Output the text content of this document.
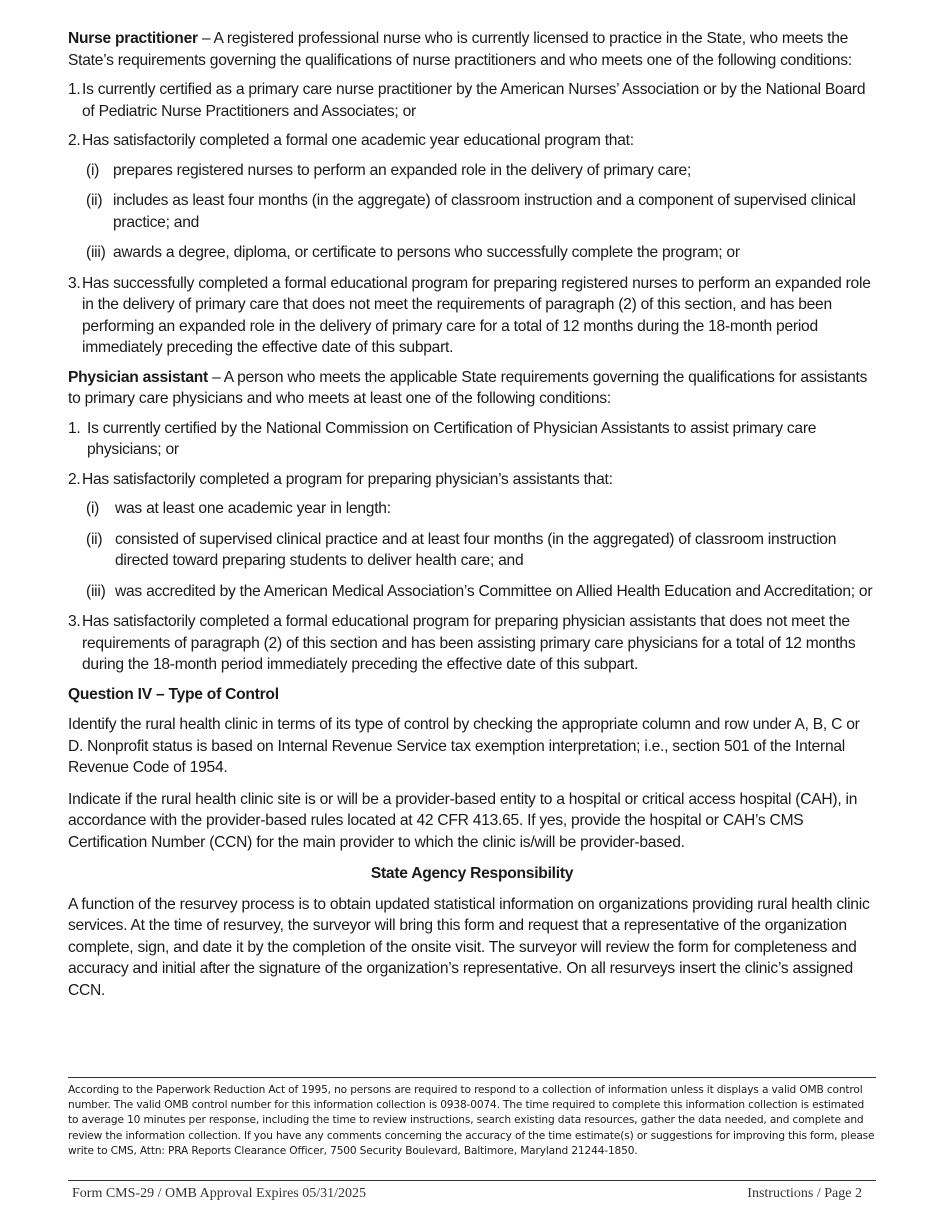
Nurse practitioner – A registered professional nurse who is currently licensed to practice in the State, who meets the State’s requirements governing the qualifications of nurse practitioners and who meets one of the following conditions:

1. Is currently certified as a primary care nurse practitioner by the American Nurses’ Association or by the National Board of Pediatric Nurse Practitioners and Associates; or
2. Has satisfactorily completed a formal one academic year educational program that:
(i) prepares registered nurses to perform an expanded role in the delivery of primary care;
(ii) includes as least four months (in the aggregate) of classroom instruction and a component of supervised clinical practice; and
(iii) awards a degree, diploma, or certificate to persons who successfully complete the program; or
3. Has successfully completed a formal educational program for preparing registered nurses to perform an expanded role in the delivery of primary care that does not meet the requirements of paragraph (2) of this section, and has been performing an expanded role in the delivery of primary care for a total of 12 months during the 18-month period immediately preceding the effective date of this subpart.

Physician assistant – A person who meets the applicable State requirements governing the qualifications for assistants to primary care physicians and who meets at least one of the following conditions:

1. Is currently certified by the National Commission on Certification of Physician Assistants to assist primary care physicians; or
2. Has satisfactorily completed a program for preparing physician’s assistants that:
(i)	was at least one academic year in length:
(ii) consisted of supervised clinical practice and at least four months (in the aggregated) of classroom instruction directed toward preparing students to deliver health care; and
(iii) was accredited by the American Medical Association’s Committee on Allied Health Education and Accreditation; or
3. Has satisfactorily completed a formal educational program for preparing physician assistants that does not meet the requirements of paragraph (2) of this section and has been assisting primary care physicians for a total of 12 months during the 18-month period immediately preceding the effective date of this subpart.

Question IV – Type of Control

Identify the rural health clinic in terms of its type of control by checking the appropriate column and row under A, B, C or D. Nonprofit status is based on Internal Revenue Service tax exemption interpretation; i.e., section 501 of the Internal Revenue Code of 1954.

Indicate if the rural health clinic site is or will be a provider-based entity to a hospital or critical access hospital (CAH), in accordance with the provider-based rules located at 42 CFR 413.65. If yes, provide the hospital or CAH’s CMS Certification Number (CCN) for the main provider to which the clinic is/will be provider-based.

State Agency Responsibility

A function of the resurvey process is to obtain updated statistical information on organizations providing rural health clinic services. At the time of resurvey, the surveyor will bring this form and request that a representative of the organization complete, sign, and date it by the completion of the onsite visit. The surveyor will review the form for completeness and accuracy and initial after the signature of the organization’s representative. On all resurveys insert the clinic’s assigned CCN.

According to the Paperwork Reduction Act of 1995, no persons are required to respond to a collection of information unless it displays a valid OMB control number. The valid OMB control number for this information collection is 0938-0074. The time required to complete this information collection is estimated to average 10 minutes per response, including the time to review instructions, search existing data resources, gather the data needed, and complete and review the information collection. If you have any comments concerning the accuracy of the time estimate(s) or suggestions for improving this form, please write to CMS, Attn: PRA Reports Clearance Officer, 7500 Security Boulevard, Baltimore, Maryland 21244-1850.
Form CMS-29 / OMB Approval Expires 05/31/2025	Instructions / Page 2
